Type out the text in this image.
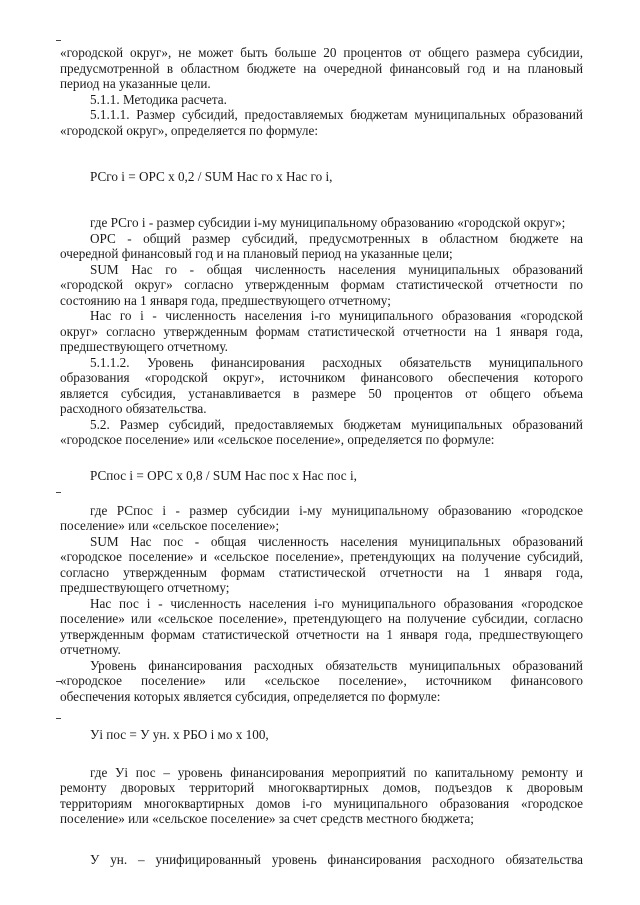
«городской округ», не может быть больше 20 процентов от общего размера субсидии,
предусмотренной в областном бюджете на очередной финансовый год и на плановый
период на указанные цели.
5.1.1. Методика расчета.
5.1.1.1. Размер субсидий, предоставляемых бюджетам муниципальных образований
«городской округ», определяется по формуле:
РСго i = ОРС х 0,2 / SUM Нас го х Нас го i,
где РСго i - размер субсидии i-му муниципальному образованию «городской округ»;
ОРС - общий размер субсидий, предусмотренных в областном бюджете на
очередной финансовый год и на плановый период на указанные цели;
SUM Нас го - общая численность населения муниципальных образований
«городской округ» согласно утвержденным формам статистической отчетности по
состоянию на 1 января года, предшествующего отчетному;
Нас го i - численность населения i-го муниципального образования «городской
округ» согласно утвержденным формам статистической отчетности на 1 января года,
предшествующего отчетному.
5.1.1.2. Уровень финансирования расходных обязательств муниципального
образования «городской округ», источником финансового обеспечения которого
является субсидия, устанавливается в размере 50 процентов от общего объема
расходного обязательства.
5.2. Размер субсидий, предоставляемых бюджетам муниципальных образований
«городское поселение» или «сельское поселение», определяется по формуле:
РСпос i = ОРС х 0,8 / SUM Нас пос х Нас пос i,
где РСпос i - размер субсидии i-му муниципальному образованию «городское
поселение» или «сельское поселение»;
SUM Нас пос - общая численность населения муниципальных образований
«городское поселение» и «сельское поселение», претендующих на получение субсидий,
согласно утвержденным формам статистической отчетности на 1 января года,
предшествующего отчетному;
Нас пос i - численность населения i-го муниципального образования «городское
поселение» или «сельское поселение», претендующего на получение субсидии, согласно
утвержденным формам статистической отчетности на 1 января года, предшествующего
отчетному.
Уровень финансирования расходных обязательств муниципальных образований
«городское поселение» или «сельское поселение», источником финансового
обеспечения которых является субсидия, определяется по формуле:
Уi пос = У ун. х РБО i мо х 100,
где Уi пос – уровень финансирования мероприятий по капитальному ремонту и
ремонту дворовых территорий многоквартирных домов, подъездов к дворовым
территориям многоквартирных домов i-го муниципального образования «городское
поселение» или «сельское поселение» за счет средств местного бюджета;
У ун. – унифицированный уровень финансирования расходного обязательства
